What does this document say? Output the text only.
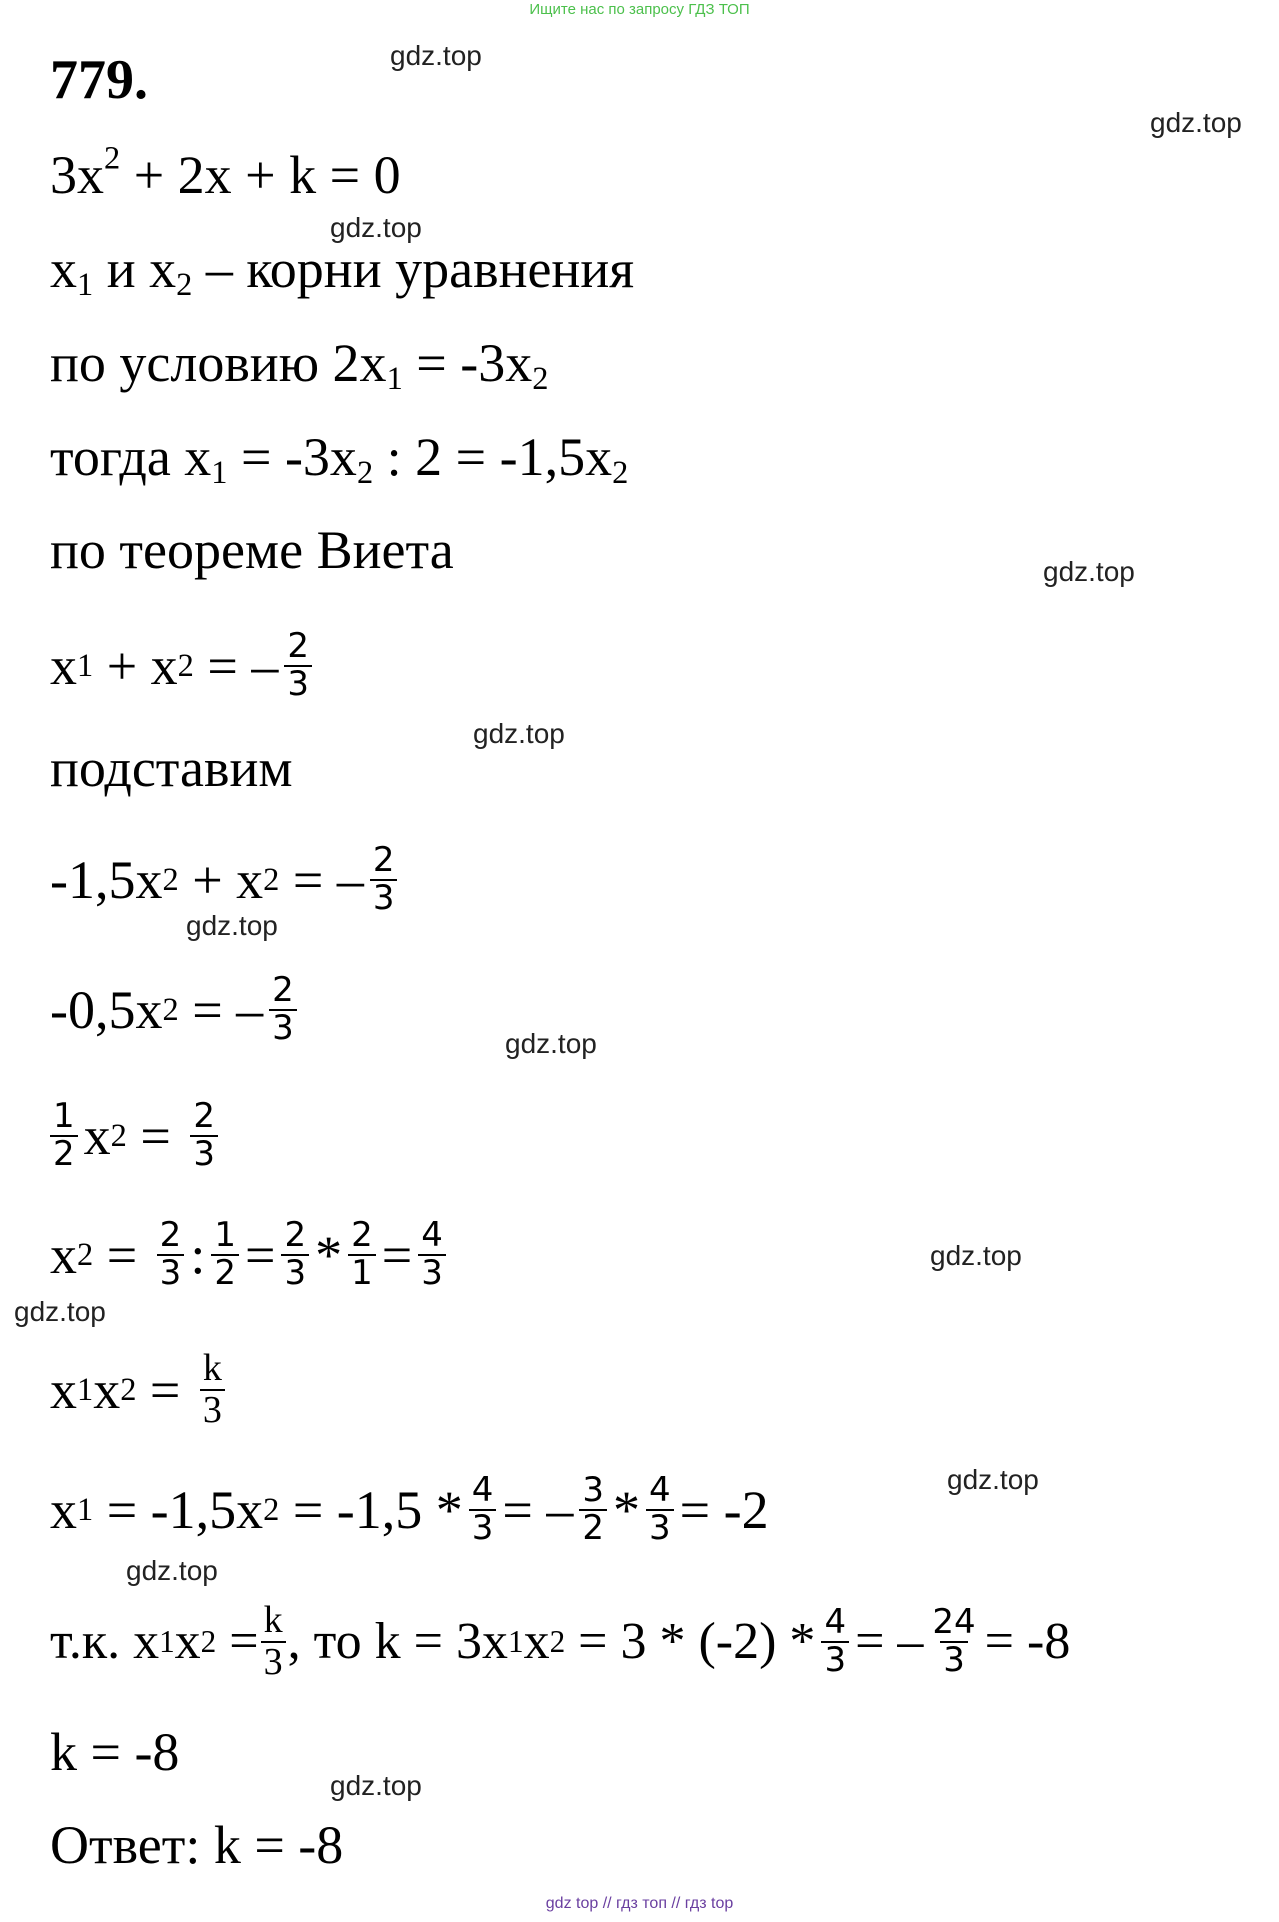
Ищите нас по запросу ГДЗ ТОП
779.	gdz.top
gdz.top
gdz.top
gdz.top
gdz.top
gdz.top
gdz.top
gdz.top
gdz.top
gdz.top
gdz.top
gdz.top
$3x^2 + 2x + k = 0$
$x_1$ и $x_2$ – корни уравнения
по условию $2x_1 = -3x_2$
тогда $x_1 = -3x_2$ : $2 = -1,5x_2$
по теореме Виета
x 1 + x 2 = – $\frac{2}{3}$
подставим
-1,5x 2 + x 2 = – $\frac{2}{3}$
-0,5x 2 = – $\frac{2}{3}$
$\frac{1}{2}$ x $2 = \frac{2}{3}$
x $2 = \frac{2}{3}$ : $\frac{1}{2} = \frac{2}{3} * \frac{2}{1} = \frac{4}{3}$
x 1 x $2 = \frac{k}{3}$
x 1 = -1,5x $2 = -1,5 * \frac{4}{3}$ = – $\frac{3}{2} * \frac{4}{3} = -2$
т.к. x 1 x $2 = \frac{k}{3}$ , то k = 3x 1 x $2 = 3 * (-2) * \frac{4}{3}$ = – $\frac{24}{3} = -8$
k = -8
Ответ: k = -8
gdz top // гдз топ // гдз top
